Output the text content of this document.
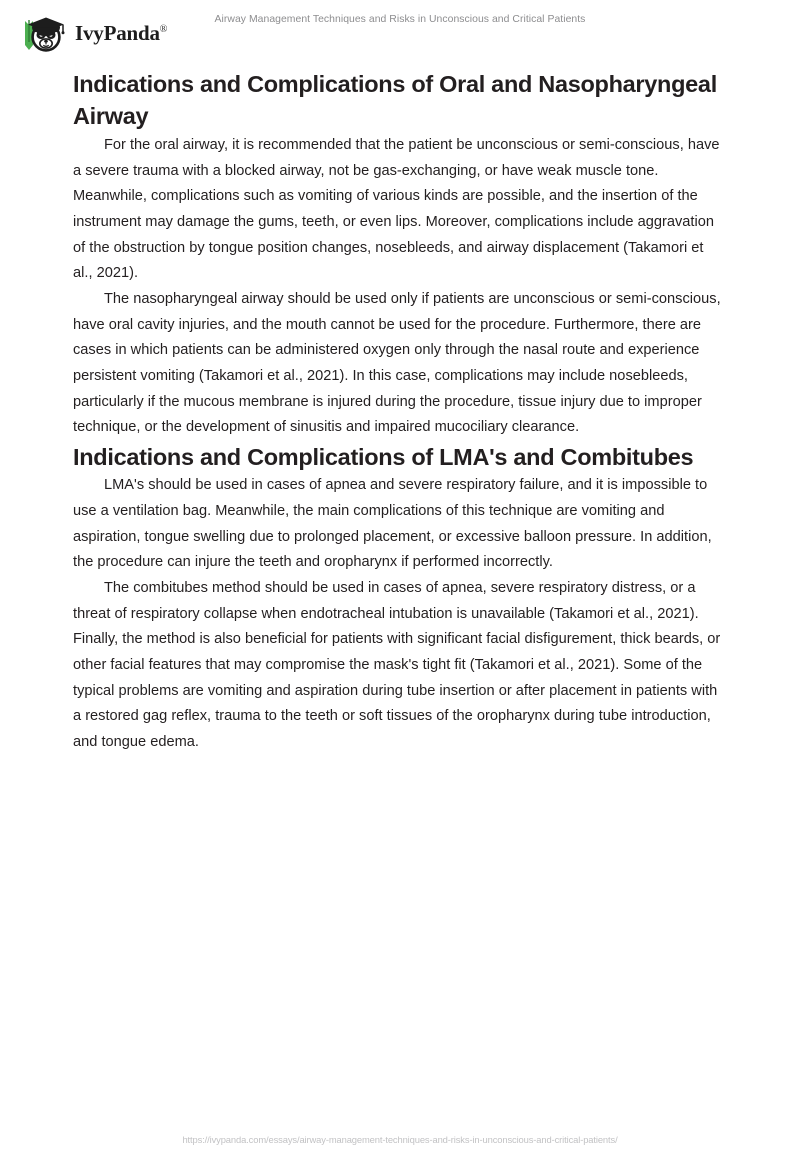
IvyPanda®
Airway Management Techniques and Risks in Unconscious and Critical Patients
Indications and Complications of Oral and Nasopharyngeal Airway

For the oral airway, it is recommended that the patient be unconscious or semi-conscious, have a severe trauma with a blocked airway, not be gas-exchanging, or have weak muscle tone. Meanwhile, complications such as vomiting of various kinds are possible, and the insertion of the instrument may damage the gums, teeth, or even lips. Moreover, complications include aggravation of the obstruction by tongue position changes, nosebleeds, and airway displacement (Takamori et al., 2021).

The nasopharyngeal airway should be used only if patients are unconscious or semi-conscious, have oral cavity injuries, and the mouth cannot be used for the procedure. Furthermore, there are cases in which patients can be administered oxygen only through the nasal route and experience persistent vomiting (Takamori et al., 2021). In this case, complications may include nosebleeds, particularly if the mucous membrane is injured during the procedure, tissue injury due to improper technique, or the development of sinusitis and impaired mucociliary clearance.

Indications and Complications of LMA's and Combitubes

LMA's should be used in cases of apnea and severe respiratory failure, and it is impossible to use a ventilation bag. Meanwhile, the main complications of this technique are vomiting and aspiration, tongue swelling due to prolonged placement, or excessive balloon pressure. In addition, the procedure can injure the teeth and oropharynx if performed incorrectly.

The combitubes method should be used in cases of apnea, severe respiratory distress, or a threat of respiratory collapse when endotracheal intubation is unavailable (Takamori et al., 2021). Finally, the method is also beneficial for patients with significant facial disfigurement, thick beards, or other facial features that may compromise the mask's tight fit (Takamori et al., 2021). Some of the typical problems are vomiting and aspiration during tube insertion or after placement in patients with a restored gag reflex, trauma to the teeth or soft tissues of the oropharynx during tube introduction, and tongue edema.

https://ivypanda.com/essays/airway-management-techniques-and-risks-in-unconscious-and-critical-patients/
